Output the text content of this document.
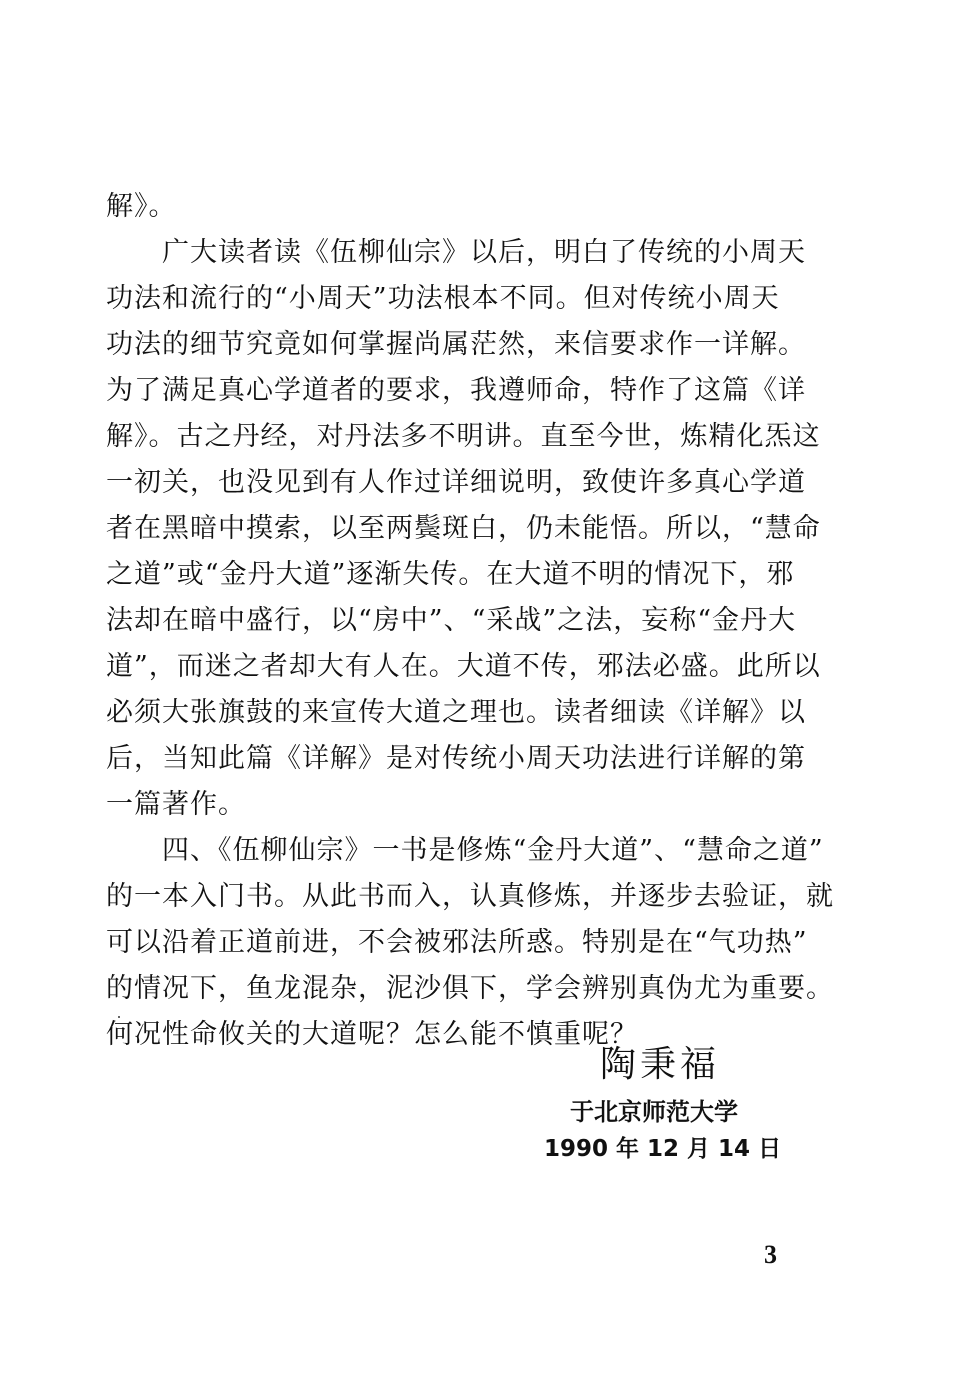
解》。
　　广大读者读《伍柳仙宗》以后，明白了传统的小周天
功法和流行的“小周天”功法根本不同。但对传统小周天
功法的细节究竟如何掌握尚属茫然，来信要求作一详解。
为了满足真心学道者的要求，我遵师命，特作了这篇《详
解》。古之丹经，对丹法多不明讲。直至今世，炼精化炁这
一初关，也没见到有人作过详细说明，致使许多真心学道
者在黑暗中摸索，以至两鬓斑白，仍未能悟。所以，“慧命
之道”或“金丹大道”逐渐失传。在大道不明的情况下，邪
法却在暗中盛行，以“房中”、“采战”之法，妄称“金丹大
道”，而迷之者却大有人在。大道不传，邪法必盛。此所以
必须大张旗鼓的来宣传大道之理也。读者细读《详解》以
后，当知此篇《详解》是对传统小周天功法进行详解的第
一篇著作。
　　四、《伍柳仙宗》一书是修炼“金丹大道”、“慧命之道”
的一本入门书。从此书而入，认真修炼，并逐步去验证，就
可以沿着正道前进，不会被邪法所惑。特别是在“气功热”
的情况下，鱼龙混杂，泥沙俱下，学会辨别真伪尤为重要。
何况性命攸关的大道呢？怎么能不慎重呢？
陶秉福
于北京师范大学
1990 年 12 月 14 日
3
